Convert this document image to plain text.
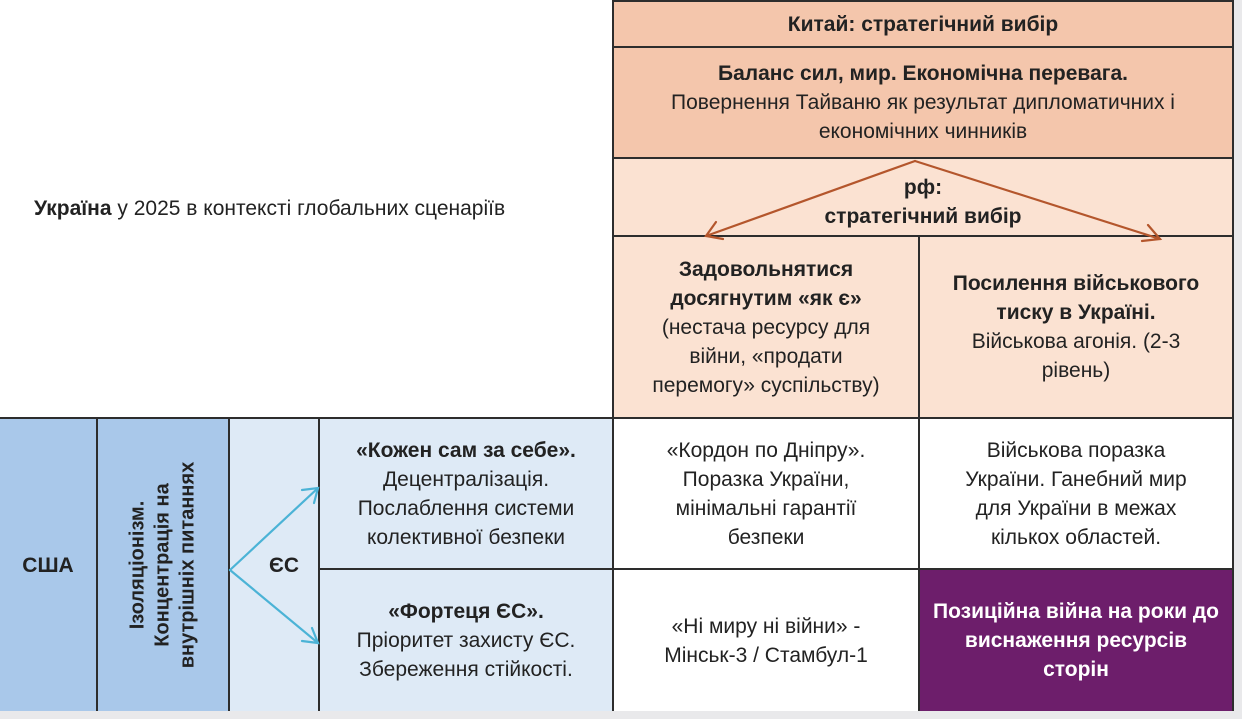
Україна у 2025 в контексті глобальних сценаріїв
Китай: стратегічний вибір
Баланс сил, мир. Економічна перевага.
Повернення Тайваню як результат дипломатичних і економічних чинників
рф:
стратегічний вибір
Задовольнятися досягнутим «як є»
(нестача ресурсу для війни, «продати перемогу» суспільству)
Посилення військового тиску в Україні.
Військова агонія. (2-3 рівень)
США	Ізоляціонізм. Концентрація на внутрішніх питаннях	ЄС
«Кожен сам за себе».
Децентралізація. Послаблення системи колективної безпеки
«Фортеця ЄС».
Пріоритет захисту ЄС. Збереження стійкості.
«Кордон по Дніпру». Поразка України, мінімальні гарантії безпеки
Військова поразка України. Ганебний мир для України в межах кількох областей.
«Ні миру ні війни» - Мінськ-3 / Стамбул-1
Позиційна війна на роки до виснаження ресурсів сторін
